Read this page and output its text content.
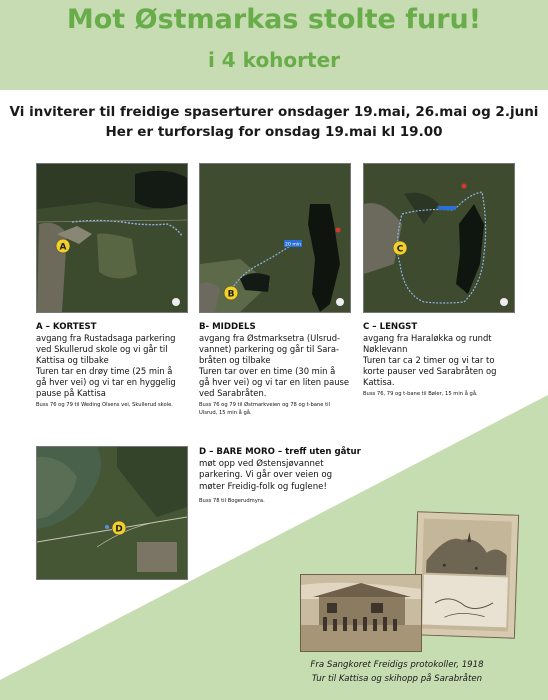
Mot Østmarkas stolte furu!
i 4 kohorter
Vi inviterer til freidige spaserturer onsdager 19.mai, 26.mai og 2.juni
Her er turforslag for onsdag 19.mai kl 19.00
A	20 min
B
C

A – KORTEST

avgang fra Rustadsaga parkering

ved Skullerud skole og vi går til

Kattisa og tilbake

Turen tar en drøy time (25 min å

gå hver vei) og vi tar en hyggelig

pause på Kattisa

Buss 76 og 79 til Weding Olsens vei, Skullerud skole.

B- MIDDELS

avgang fra Østmarksetra (Ulsrud-

vannet) parkering og går til Sara-

bråten og tilbake

Turen tar over en time (30 min å

gå hver vei) og vi tar en liten pause

ved Sarabråten.

Buss 76 og 79 til Østmarkveien og 78 og t-bane til

Ulsrud, 15 min å gå.

C – LENGST

avgang fra Haraløkka og rundt

Nøklevann

Turen tar ca 2 timer og vi tar to

korte pauser ved Sarabråten og

Kattisa.

Buss 76, 79 og t-bane til Bøler, 15 min å gå.

D

D – BARE MORO – treff uten gåtur

møt opp ved Østensjøvannet

parkering. Vi går over veien og

møter Freidig-folk og fuglene!

Buss 78 til Bogerudmyra.

Fra Sangkoret Freidigs protokoller, 1918
Tur til Kattisa og skihopp på Sarabråten
